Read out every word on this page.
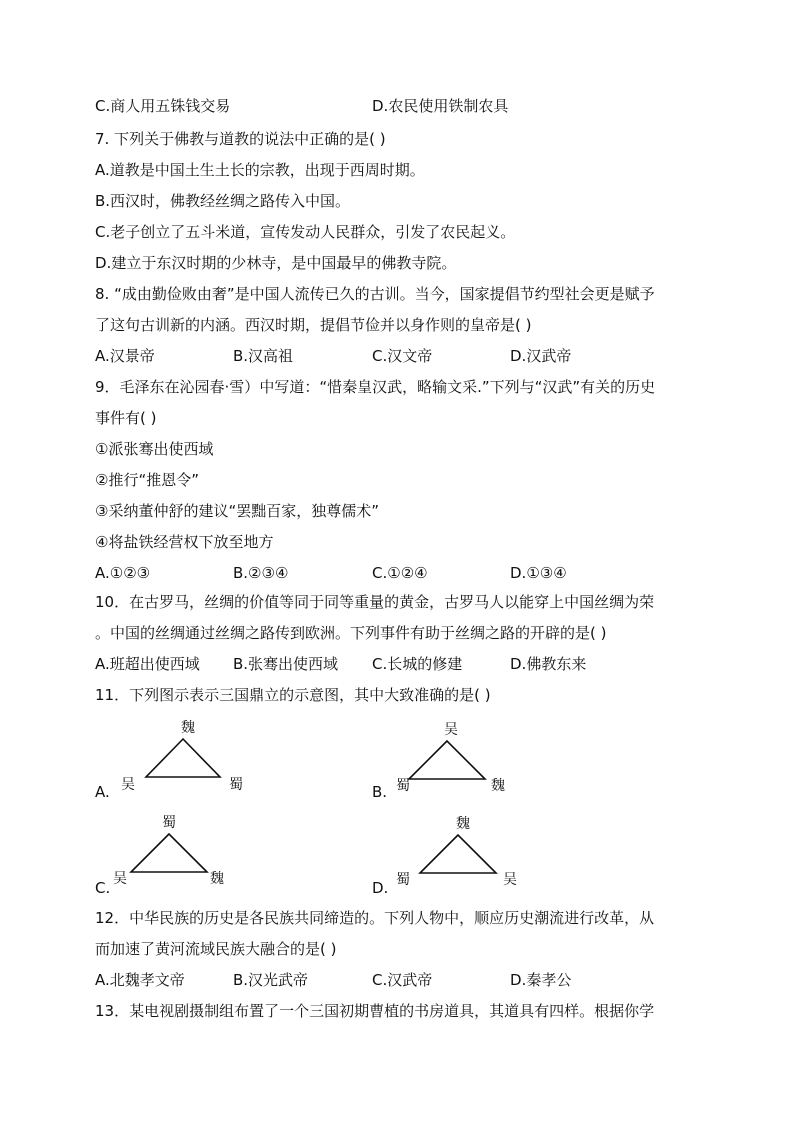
C.商人用五铢钱交易	D.农民使用铁制农具
7. 下列关于佛教与道教的说法中正确的是( )
A.道教是中国土生土长的宗教，出现于西周时期。
B.西汉时，佛教经丝绸之路传入中国。
C.老子创立了五斗米道，宣传发动人民群众，引发了农民起义。
D.建立于东汉时期的少林寺，是中国最早的佛教寺院。
8. “成由勤俭败由奢”是中国人流传已久的古训。当今，国家提倡节约型社会更是赋予
了这句古训新的内涵。西汉时期，提倡节俭并以身作则的皇帝是( )
A.汉景帝	B.汉高祖	C.汉文帝	D.汉武帝
9．毛泽东在沁园春·雪）中写道：“惜秦皇汉武，略输文采.”下列与“汉武”有关的历史
事件有( )
①派张骞出使西域
②推行“推恩令”
③采纳董仲舒的建议“罢黜百家，独尊儒术”
④将盐铁经营权下放至地方
A.①②③	B.②③④	C.①②④	D.①③④
10．在古罗马，丝绸的价值等同于同等重量的黄金，古罗马人以能穿上中国丝绸为荣
。中国的丝绸通过丝绸之路传到欧洲。下列事件有助于丝绸之路的开辟的是( )
A.班超出使西域 B.张骞出使西域 C.长城的修建	D.佛教东来
11．下列图示表示三国鼎立的示意图，其中大致准确的是( )
A.
魏
吴	蜀	B.
吴
蜀	魏
C.
蜀
吴	魏	D.
魏
蜀	吴
12．中华民族的历史是各民族共同缔造的。下列人物中，顺应历史潮流进行改革，从
而加速了黄河流域民族大融合的是( )
A.北魏孝文帝	B.汉光武帝	C.汉武帝	D.秦孝公
13．某电视剧摄制组布置了一个三国初期曹植的书房道具，其道具有四样。根据你学
